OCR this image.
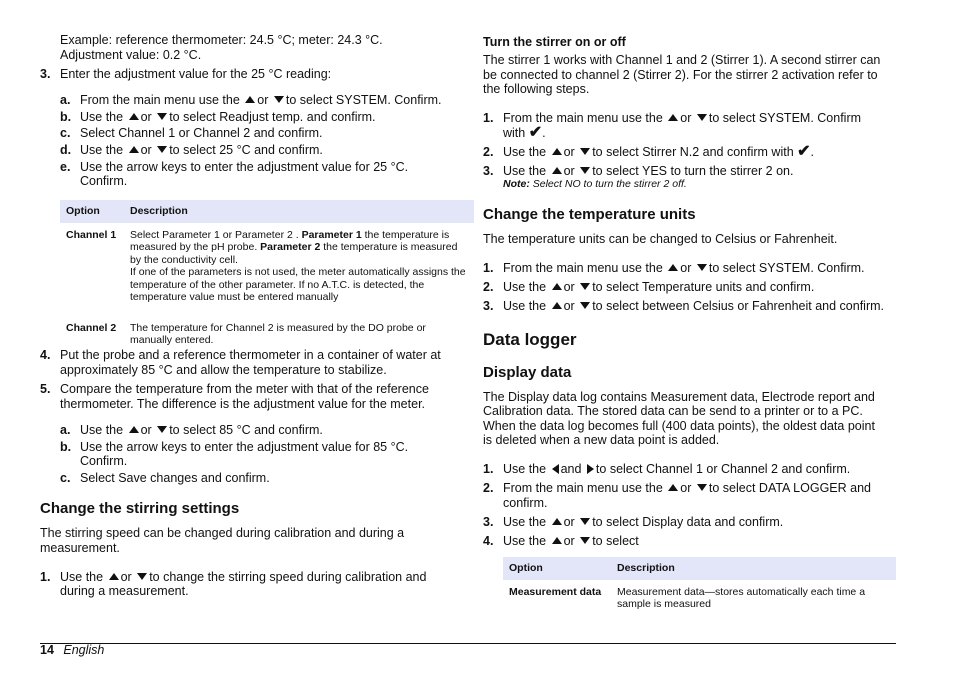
Example: reference thermometer: 24.5 °C; meter: 24.3 °C.

Adjustment value: 0.2 °C.

3. Enter the adjustment value for the 25 °C reading:

a. From the main menu use the or to select SYSTEM. Confirm.

b. Use the or to select Readjust temp. and confirm.

c. Select Channel 1 or Channel 2 and confirm.

d. Use the or to select 25 °C and confirm.

e. Use the arrow keys to enter the adjustment value for 25 °C.

Confirm.

Option	Description
Channel 1	Select Parameter 1 or Parameter 2 . Parameter 1 the temperature is measured by the pH probe. Parameter 2 the temperature is measured by the conductivity cell.
If one of the parameters is not used, the meter automatically assigns the temperature of the other parameter. If no A.T.C. is detected, the temperature value must be entered manually
Channel 2	The temperature for Channel 2 is measured by the DO probe or manually entered.
4. Put the probe and a reference thermometer in a container of water at

approximately 85 °C and allow the temperature to stabilize.

5. Compare the temperature from the meter with that of the reference

thermometer. The difference is the adjustment value for the meter.

a. Use the or to select 85 °C and confirm.

b. Use the arrow keys to enter the adjustment value for 85 °C.

Confirm.

c. Select Save changes and confirm.

Change the stirring settings

The stirring speed can be changed during calibration and during a

measurement.

1. Use the or to change the stirring speed during calibration and

during a measurement.

Turn the stirrer on or off

The stirrer 1 works with Channel 1 and 2 (Stirrer 1). A second stirrer can

be connected to channel 2 (Stirrer 2). For the stirrer 2 activation refer to

the following steps.

1. From the main menu use the or to select SYSTEM. Confirm

with ✔.

2. Use the or to select Stirrer N.2 and confirm with ✔.

3. Use the or to select YES to turn the stirrer 2 on.

Note: Select NO to turn the stirrer 2 off.

Change the temperature units

The temperature units can be changed to Celsius or Fahrenheit.

1. From the main menu use the or to select SYSTEM. Confirm.

2. Use the or to select Temperature units and confirm.

3. Use the or to select between Celsius or Fahrenheit and confirm.

Data logger
Display data

The Display data log contains Measurement data, Electrode report and

Calibration data. The stored data can be send to a printer or to a PC.

When the data log becomes full (400 data points), the oldest data point

is deleted when a new data point is added.

1. Use the and to select Channel 1 or Channel 2 and confirm.

2. From the main menu use the or to select DATA LOGGER and

confirm.

3. Use the or to select Display data and confirm.

4. Use the or to select

Option	Description
Measurement data	Measurement data—stores automatically each time a sample is measured
14 English
